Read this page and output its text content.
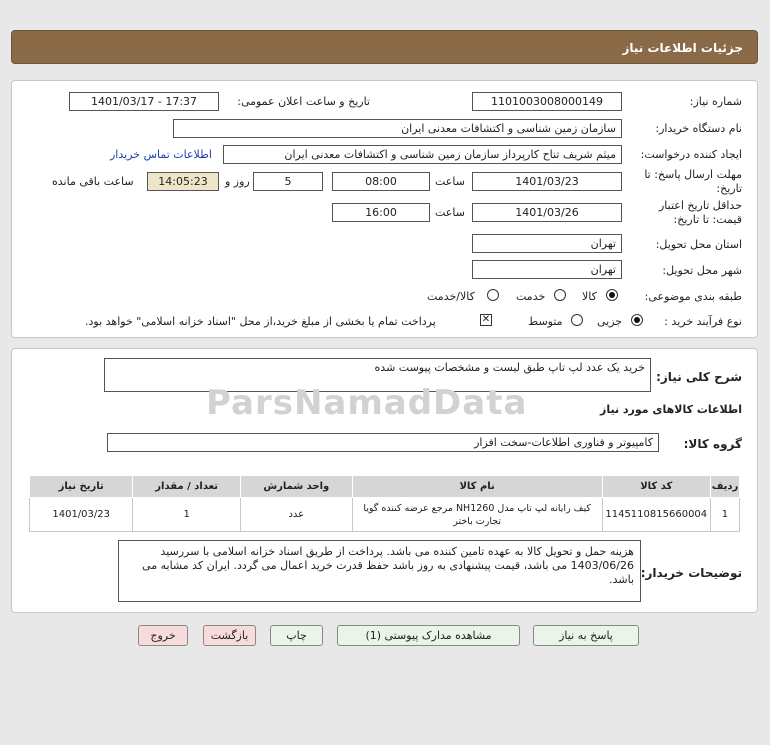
جزئیات اطلاعات نیاز
شماره نیاز:
1101003008000149
تاریخ و ساعت اعلان عمومی:
1401/03/17 - 17:37
نام دستگاه خریدار:
سازمان زمین شناسی و اکتشافات معدنی ایران
ایجاد کننده درخواست:
میثم شریف تناح کارپرداز سازمان زمین شناسی و اکتشافات معدنی ایران
اطلاعات تماس خریدار
مهلت ارسال پاسخ: تا
تاریخ:
1401/03/23
ساعت
08:00
5
روز و
14:05:23
ساعت باقی مانده
حداقل تاریخ اعتبار
قیمت: تا تاریخ:
1401/03/26
ساعت
16:00
استان محل تحویل:
تهران
شهر محل تحویل:
تهران
طبقه بندی موضوعی:
کالا
خدمت
کالا/خدمت
نوع فرآیند خرید :
جزیی
متوسط
✕
پرداخت تمام یا بخشی از مبلغ خرید،از محل "اسناد خزانه اسلامی" خواهد بود.
شرح کلی نیاز:
خرید یک عدد لپ تاپ طبق لیست و مشخصات پیوست شده
اطلاعات کالاهای مورد نیاز
گروه کالا:
کامپیوتر و فناوری اطلاعات-سخت افزار
ردیف	کد کالا	نام کالا	واحد شمارش	تعداد / مقدار	تاریخ نیاز
1	1145110815660004	کیف رایانه لپ تاپ مدل NH1260 مرجع عرضه کننده گویا تجارت باختر	عدد	1	1401/03/23
توضیحات خریدار:
هزینه حمل و تحویل کالا به عهده تامین کننده می باشد. پرداخت از طریق اسناد خزانه اسلامی با سررسید 1403/06/26 می باشد، قیمت پیشنهادی به روز باشد حفظ قدرت خرید اعمال می گردد. ایران کد مشابه می باشد.
ParsNamadData
پاسخ به نیاز
مشاهده مدارک پیوستی (1)
چاپ
بازگشت
خروج
